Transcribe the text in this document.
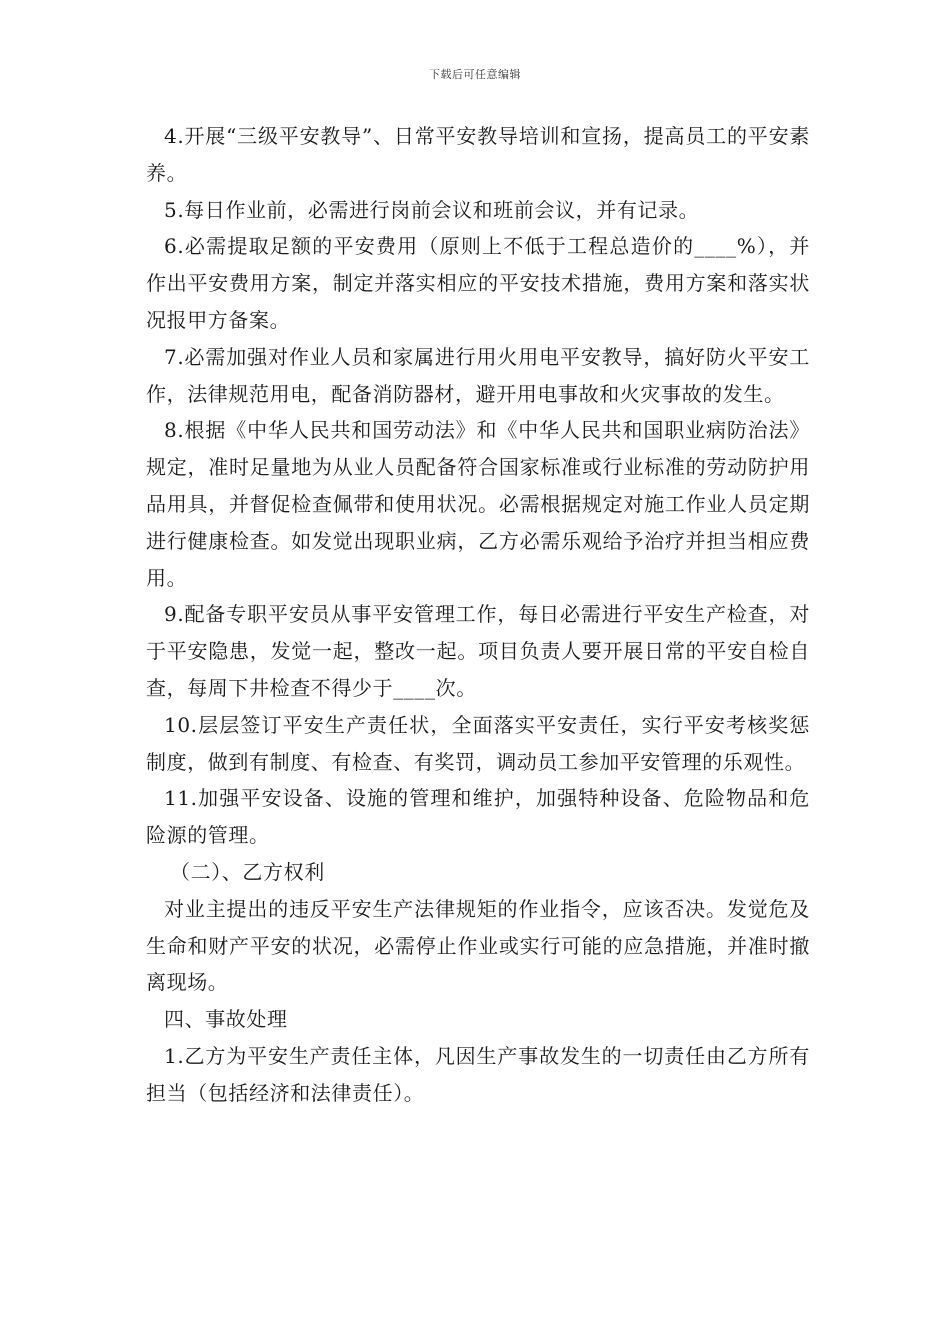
下载后可任意编辑

4.开展“三级平安教导”、日常平安教导培训和宣扬，提高员工的平安素养。

5.每日作业前，必需进行岗前会议和班前会议，并有记录。

6.必需提取足额的平安费用（原则上不低于工程总造价的____%），并作出平安费用方案，制定并落实相应的平安技术措施，费用方案和落实状况报甲方备案。

7.必需加强对作业人员和家属进行用火用电平安教导，搞好防火平安工作，法律规范用电，配备消防器材，避开用电事故和火灾事故的发生。

8.根据《中华人民共和国劳动法》和《中华人民共和国职业病防治法》规定，准时足量地为从业人员配备符合国家标准或行业标准的劳动防护用品用具，并督促检查佩带和使用状况。必需根据规定对施工作业人员定期进行健康检查。如发觉出现职业病，乙方必需乐观给予治疗并担当相应费用。

9.配备专职平安员从事平安管理工作，每日必需进行平安生产检查，对于平安隐患，发觉一起，整改一起。项目负责人要开展日常的平安自检自查，每周下井检查不得少于____次。

10.层层签订平安生产责任状，全面落实平安责任，实行平安考核奖惩制度，做到有制度、有检查、有奖罚，调动员工参加平安管理的乐观性。

11.加强平安设备、设施的管理和维护，加强特种设备、危险物品和危险源的管理。

（二）、乙方权利

对业主提出的违反平安生产法律规矩的作业指令，应该否决。发觉危及生命和财产平安的状况，必需停止作业或实行可能的应急措施，并准时撤离现场。

四、事故处理

1.乙方为平安生产责任主体，凡因生产事故发生的一切责任由乙方所有担当（包括经济和法律责任）。
